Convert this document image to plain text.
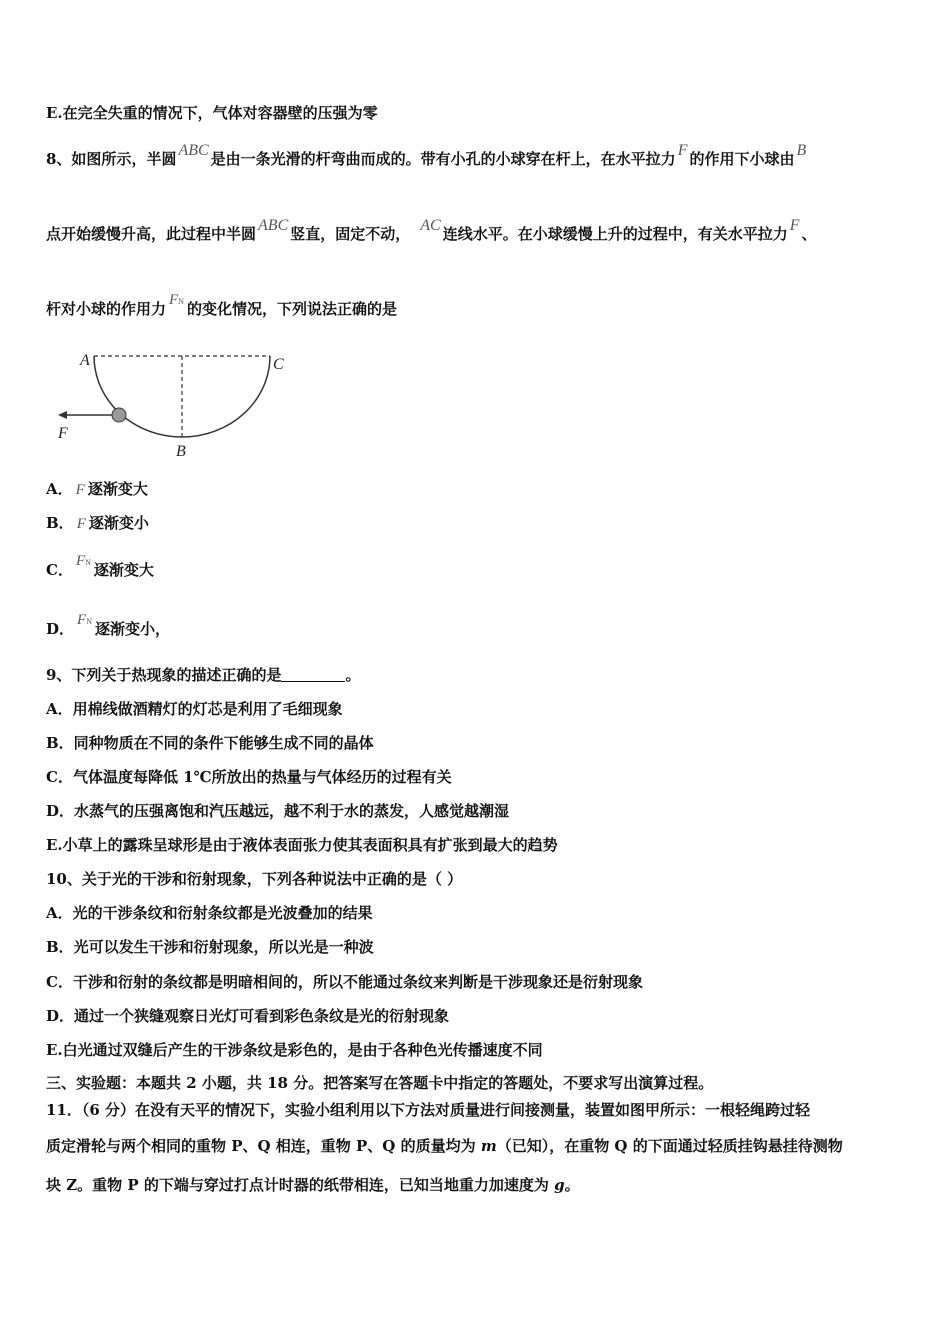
E.在完全失重的情况下，气体对容器壁的压强为零
8、如图所示，半圆 ABC 是由一条光滑的杆弯曲而成的。带有小孔的小球穿在杆上，在水平拉力 F 的作用下小球由 B
点开始缓慢升高，此过程中半圆 ABC 竖直，固定不动， AC 连线水平。在小球缓慢上升的过程中，有关水平拉力 F 、
杆对小球的作用力 FN 的变化情况，下列说法正确的是
A	C
B
F
A． F 逐渐变大
B． F 逐渐变小
C． FN 逐渐变大
D． FN 逐渐变小，
9、下列关于热现象的描述正确的是	。
A．用棉线做酒精灯的灯芯是利用了毛细现象
B．同种物质在不同的条件下能够生成不同的晶体
C．气体温度每降低 1℃所放出的热量与气体经历的过程有关
D．水蒸气的压强离饱和汽压越远，越不利于水的蒸发，人感觉越潮湿
E.小草上的露珠呈球形是由于液体表面张力使其表面积具有扩张到最大的趋势
10、关于光的干涉和衍射现象，下列各种说法中正确的是（ ）
A．光的干涉条纹和衍射条纹都是光波叠加的结果
B．光可以发生干涉和衍射现象，所以光是一种波
C．干涉和衍射的条纹都是明暗相间的，所以不能通过条纹来判断是干涉现象还是衍射现象
D．通过一个狭缝观察日光灯可看到彩色条纹是光的衍射现象
E.白光通过双缝后产生的干涉条纹是彩色的，是由于各种色光传播速度不同
三、实验题：本题共 2 小题，共 18 分。把答案写在答题卡中指定的答题处，不要求写出演算过程。
11．（6 分）在没有天平的情况下，实验小组利用以下方法对质量进行间接测量，装置如图甲所示：一根轻绳跨过轻
质定滑轮与两个相同的重物 P、Q 相连，重物 P、Q 的质量均为 m（已知），在重物 Q 的下面通过轻质挂钩悬挂待测物
块 Z。重物 P 的下端与穿过打点计时器的纸带相连，已知当地重力加速度为 g。
